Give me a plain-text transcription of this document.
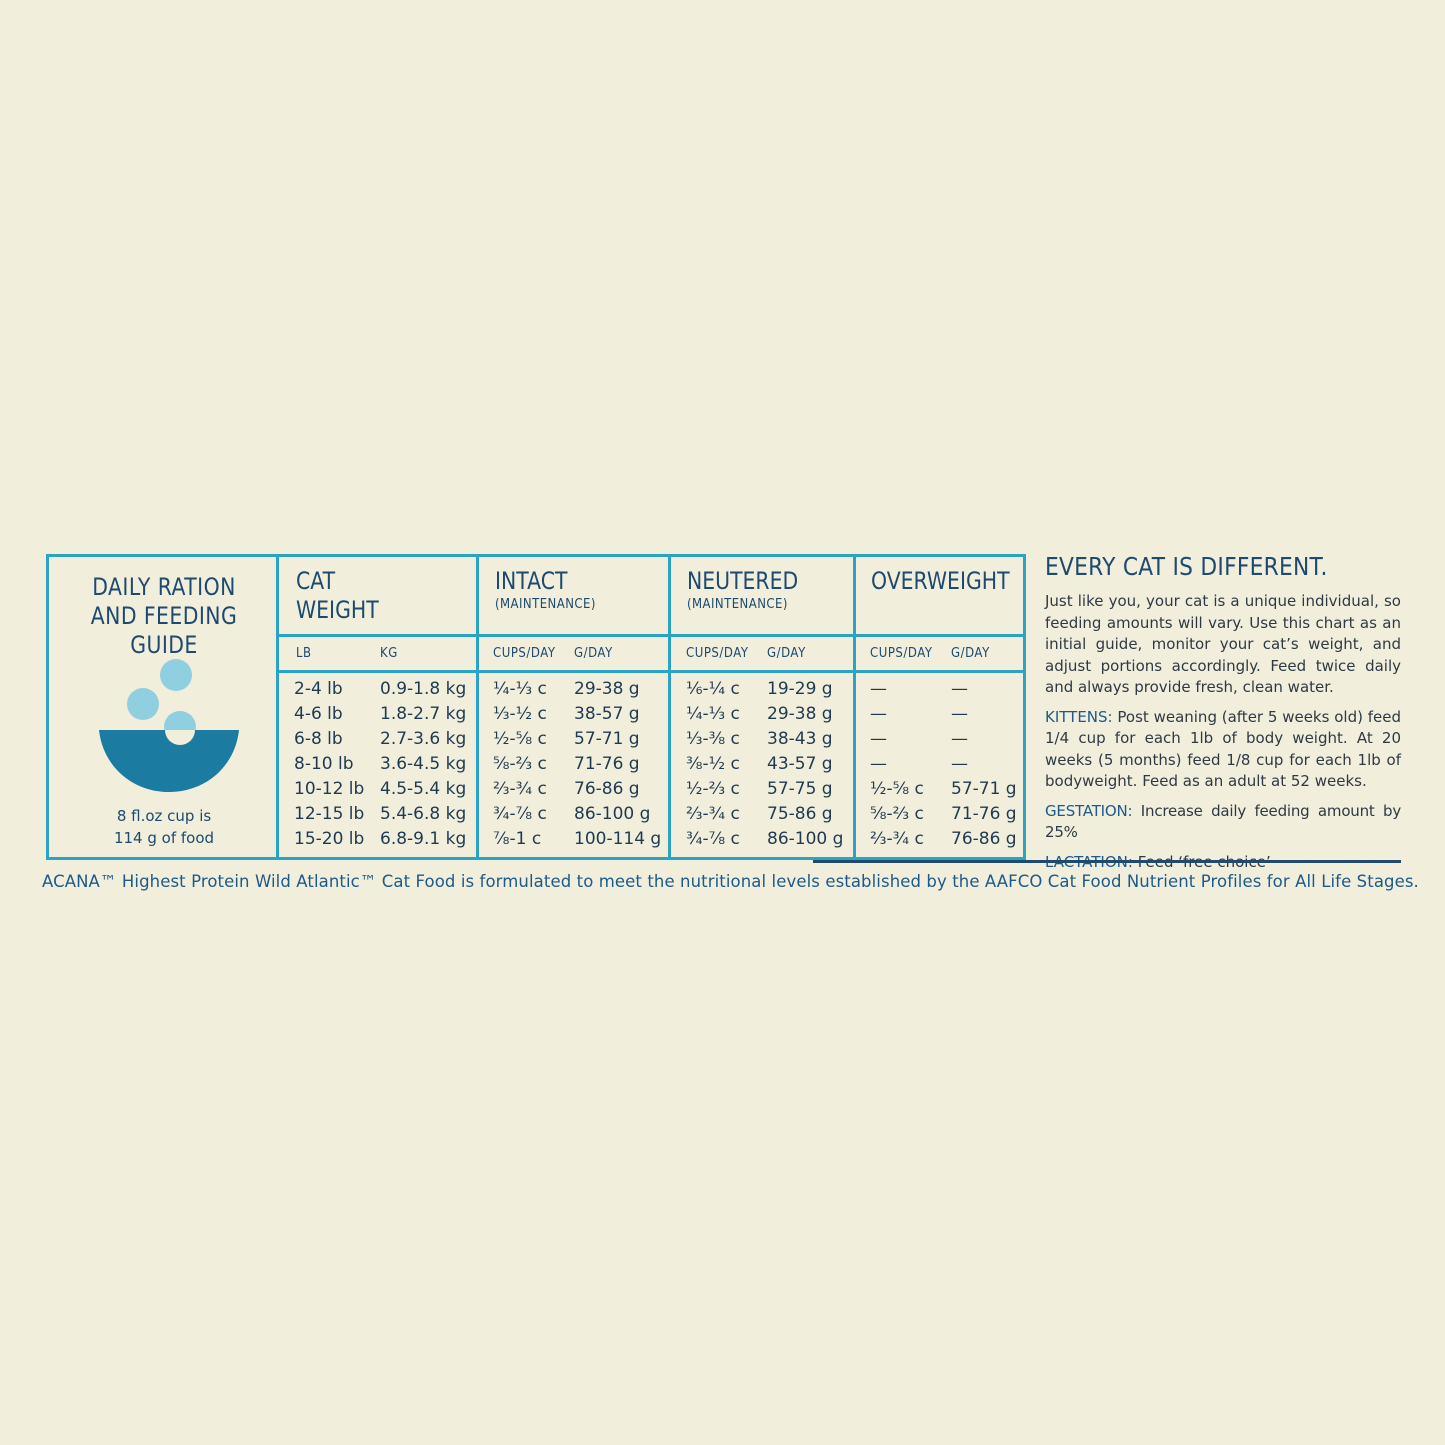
DAILY RATION
AND FEEDING GUIDE
8 fl.oz cup is
114 g of food
CAT
WEIGHT
INTACT
(MAINTENANCE)
NEUTERED
(MAINTENANCE)
OVERWEIGHT
LB	KG	CUPS/DAY G/DAY	CUPS/DAY G/DAY	CUPS/DAY G/DAY
2-4 lb 0.9-1.8 kg ¼-⅓ c 29-38 g	⅙-¼ c 19-29 g —	—
4-6 lb 1.8-2.7 kg ⅓-½ c 38-57 g	¼-⅓ c 29-38 g —	—
6-8 lb 2.7-3.6 kg ½-⅝ c 57-71 g	⅓-⅜ c 38-43 g —	—
8-10 lb 3.6-4.5 kg ⅝-⅔ c 71-76 g	⅜-½ c 43-57 g —	—
10-12 lb 4.5-5.4 kg ⅔-¾ c 76-86 g	½-⅔ c 57-75 g ½-⅝ c 57-71 g
12-15 lb 5.4-6.8 kg ¾-⅞ c 86-100 g ⅔-¾ c 75-86 g ⅝-⅔ c 71-76 g
15-20 lb 6.8-9.1 kg ⅞-1 c 100-114 g ¾-⅞ c 86-100 g ⅔-¾ c 76-86 g
EVERY CAT IS DIFFERENT.

Just like you, your cat is a unique individual, so feeding amounts will vary. Use this chart as an initial guide, monitor your cat’s weight, and adjust portions accordingly. Feed twice daily and always provide fresh, clean water.

KITTENS: Post weaning (after 5 weeks old) feed 1/4 cup for each 1lb of body weight. At 20 weeks (5 months) feed 1/8 cup for each 1lb of bodyweight. Feed as an adult at 52 weeks.

GESTATION: Increase daily feeding amount by 25%

ACANA™ Highest Protein Wild Atlantic™ Cat Food is formulated to meet the nutritional levels established by the AAFCO Cat Food Nutrient Profiles for All Life Stages.
